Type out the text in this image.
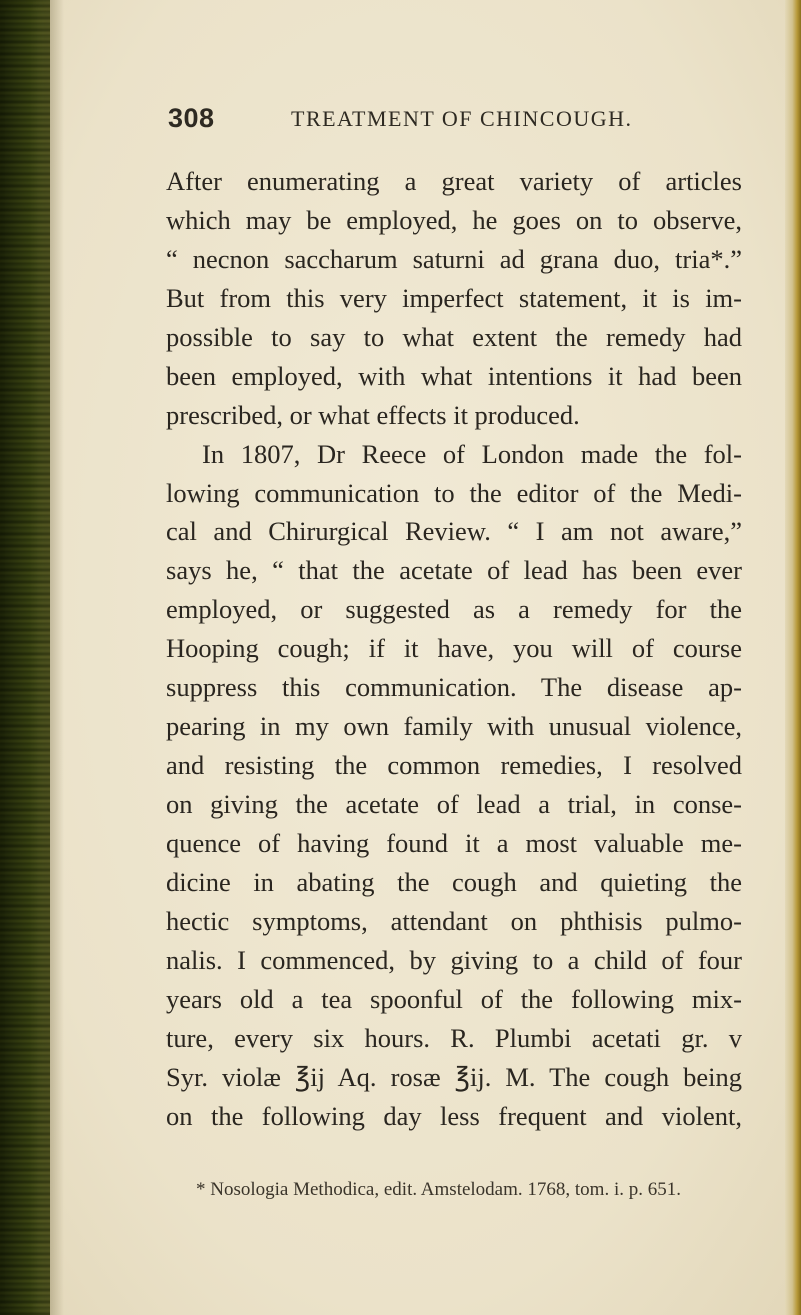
308	TREATMENT OF CHINCOUGH.
After enumerating a great variety of articles
which may be employed, he goes on to observe,
“ necnon saccharum saturni ad grana duo, tria*.”
But from this very imperfect statement, it is im-
possible to say to what extent the remedy had
been employed, with what intentions it had been
prescribed, or what effects it produced.
In 1807, Dr Reece of London made the fol-
lowing communication to the editor of the Medi-
cal and Chirurgical Review. “ I am not aware,”
says he, “ that the acetate of lead has been ever
employed, or suggested as a remedy for the
Hooping cough; if it have, you will of course
suppress this communication. The disease ap-
pearing in my own family with unusual violence,
and resisting the common remedies, I resolved
on giving the acetate of lead a trial, in conse-
quence of having found it a most valuable me-
dicine in abating the cough and quieting the
hectic symptoms, attendant on phthisis pulmo-
nalis. I commenced, by giving to a child of four
years old a tea spoonful of the following mix-
ture, every six hours. R. Plumbi acetati gr. v
Syr. violæ ℥ij Aq. rosæ ℥ij. M. The cough being
on the following day less frequent and violent,
* Nosologia Methodica, edit. Amstelodam. 1768, tom. i. p. 651.
